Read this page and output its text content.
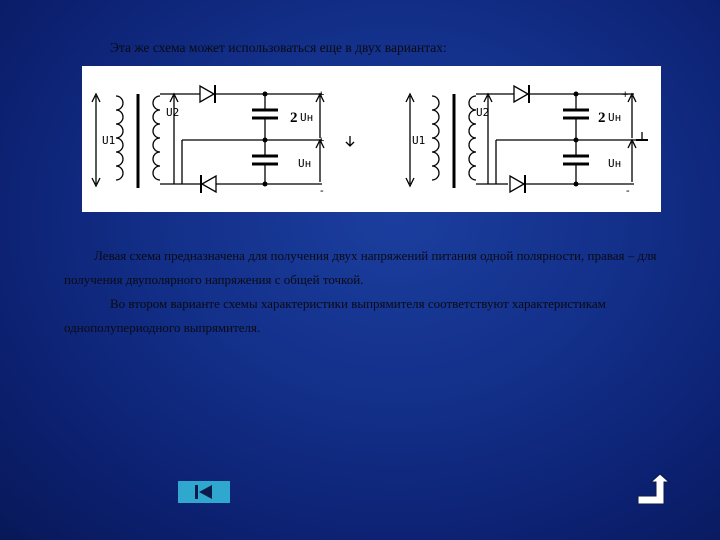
Эта же схема может использоваться еще в двух вариантах:

U1
U2	2 Uн
Uн
+
+
-
U1
U2	2 Uн
Uн
+
-

Левая схема предназначена для получения двух напряжений питания одной полярности, правая – для получения двуполярного напряжения с общей точкой.

Во втором варианте схемы характеристики выпрямителя соответствуют характеристикам однополупериодного выпрямителя.
